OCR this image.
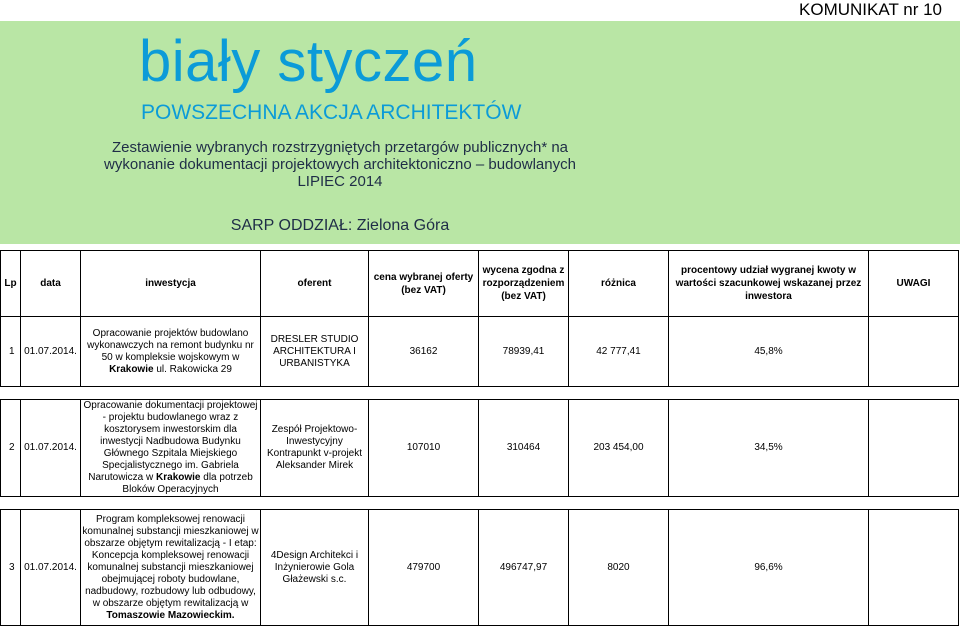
KOMUNIKAT nr 10
biały styczeń
POWSZECHNA AKCJA ARCHITEKTÓW
Zestawienie wybranych rozstrzygniętych przetargów publicznych* na
wykonanie dokumentacji projektowych architektoniczno – budowlanych
LIPIEC 2014
SARP ODDZIAŁ: Zielona Góra
Lp	data	inwestycja	oferent	cena wybranej oferty (bez VAT)	wycena zgodna z rozporządzeniem (bez VAT)	różnica	procentowy udział wygranej kwoty w wartości szacunkowej wskazanej przez inwestora	UWAGI
1	01.07.2014.	Opracowanie projektów budowlano wykonawczych na remont budynku nr 50 w kompleksie wojskowym w Krakowie ul. Rakowicka 29	DRESLER STUDIO ARCHITEKTURA I URBANISTYKA	36162	78939,41	42 777,41	45,8%	

2	01.07.2014.	Opracowanie dokumentacji projektowej - projektu budowlanego wraz z kosztorysem inwestorskim dla inwestycji Nadbudowa Budynku Głównego Szpitala Miejskiego Specjalistycznego im. Gabriela Narutowicza w Krakowie dla potrzeb Bloków Operacyjnych	Zespół Projektowo-Inwestycyjny Kontrapunkt v-projekt Aleksander Mirek	107010	310464	203 454,00	34,5%	

3	01.07.2014.	Program kompleksowej renowacji komunalnej substancji mieszkaniowej w obszarze objętym rewitalizacją - I etap: Koncepcja kompleksowej renowacji komunalnej substancji mieszkaniowej obejmującej roboty budowlane, nadbudowy, rozbudowy lub odbudowy, w obszarze objętym rewitalizacją w Tomaszowie Mazowieckim.	4Design Architekci i Inżynierowie Gola Głażewski s.c.	479700	496747,97	8020	96,6%	
